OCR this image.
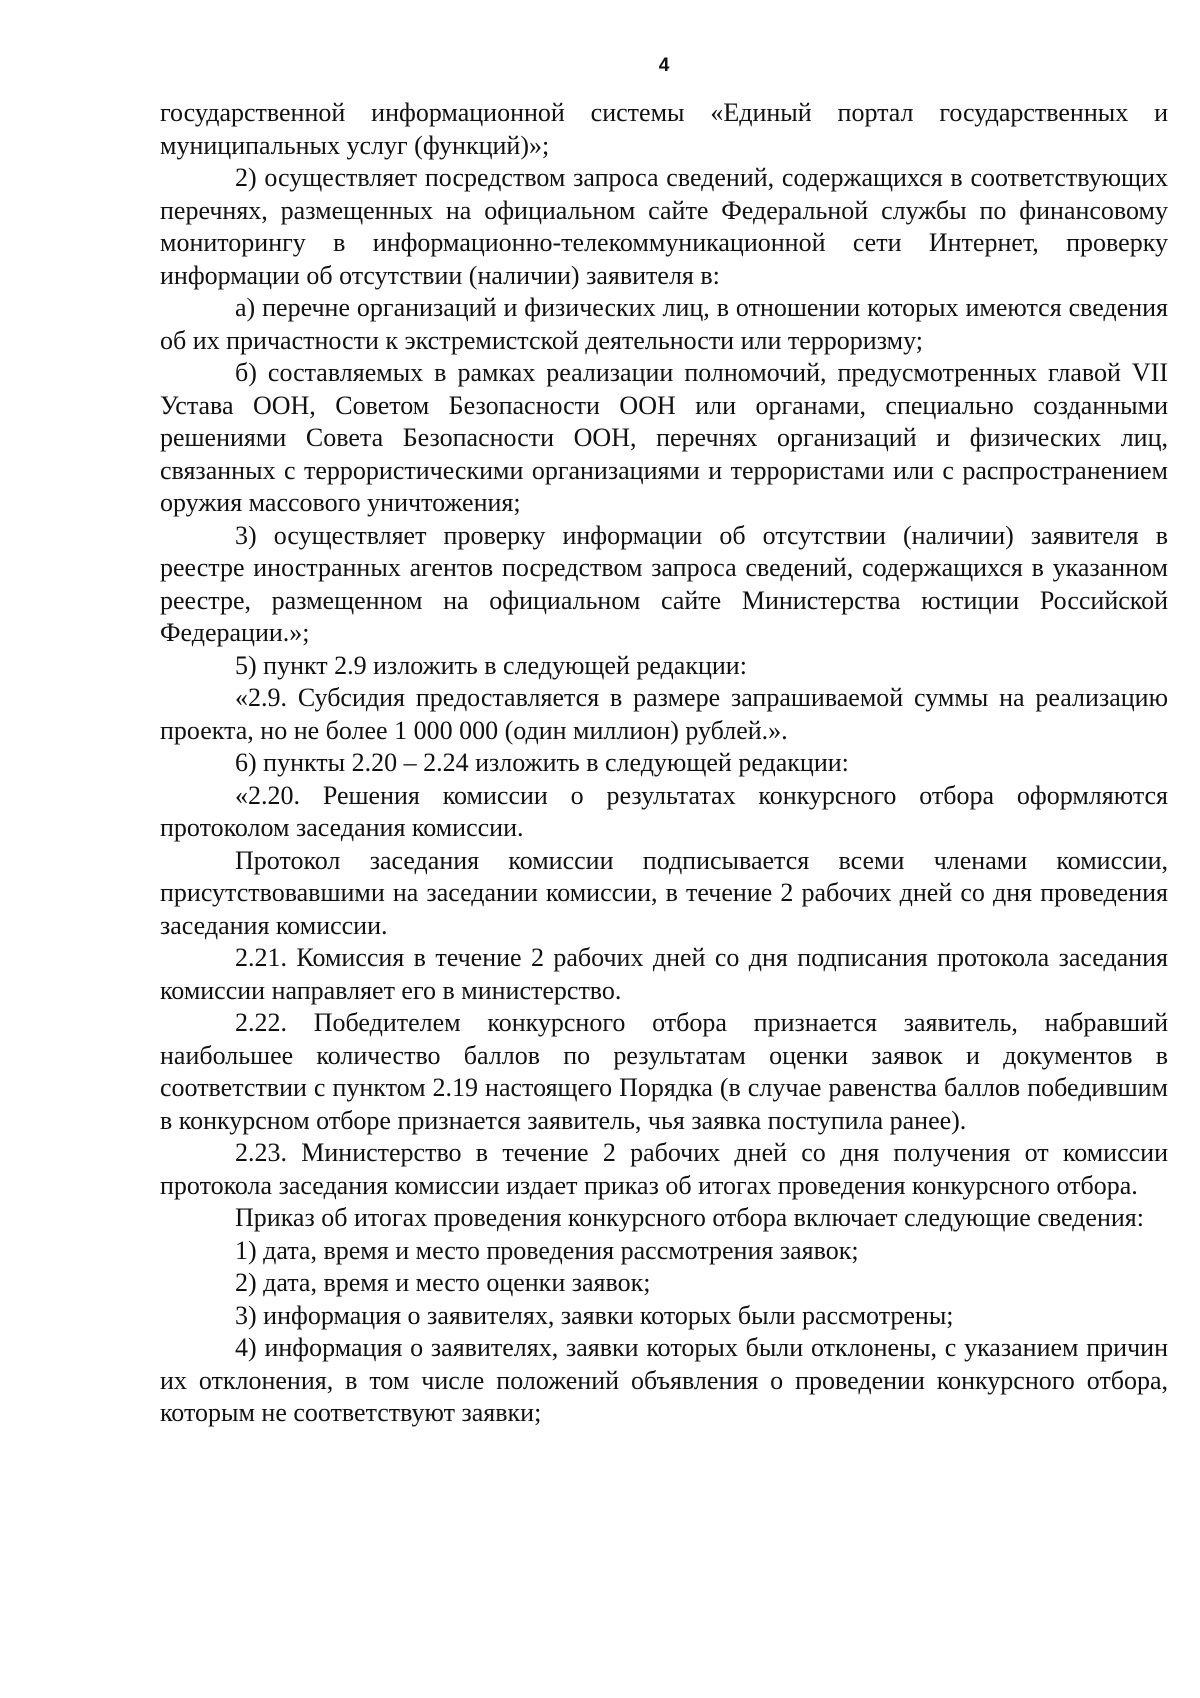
4

государственной информационной системы «Единый портал государственных и муниципальных услуг (функций)»;

2) осуществляет посредством запроса сведений, содержащихся в соответствующих перечнях, размещенных на официальном сайте Федеральной службы по финансовому мониторингу в информационно-телекоммуникационной сети Интернет, проверку информации об отсутствии (наличии) заявителя в:

а) перечне организаций и физических лиц, в отношении которых имеются сведения об их причастности к экстремистской деятельности или терроризму;

б) составляемых в рамках реализации полномочий, предусмотренных главой VII Устава ООН, Советом Безопасности ООН или органами, специально созданными решениями Совета Безопасности ООН, перечнях организаций и физических лиц, связанных с террористическими организациями и террористами или с распространением оружия массового уничтожения;

3) осуществляет проверку информации об отсутствии (наличии) заявителя в реестре иностранных агентов посредством запроса сведений, содержащихся в указанном реестре, размещенном на официальном сайте Министерства юстиции Российской Федерации.»;

5) пункт 2.9 изложить в следующей редакции:

«2.9. Субсидия предоставляется в размере запрашиваемой суммы на реализацию проекта, но не более 1 000 000 (один миллион) рублей.».

6) пункты 2.20 – 2.24 изложить в следующей редакции:

«2.20. Решения комиссии о результатах конкурсного отбора оформляются протоколом заседания комиссии.

Протокол заседания комиссии подписывается всеми членами комиссии, присутствовавшими на заседании комиссии, в течение 2 рабочих дней со дня проведения заседания комиссии.

2.21. Комиссия в течение 2 рабочих дней со дня подписания протокола заседания комиссии направляет его в министерство.

2.22. Победителем конкурсного отбора признается заявитель, набравший наибольшее количество баллов по результатам оценки заявок и документов в соответствии с пунктом 2.19 настоящего Порядка (в случае равенства баллов победившим в конкурсном отборе признается заявитель, чья заявка поступила ранее).

2.23. Министерство в течение 2 рабочих дней со дня получения от комиссии протокола заседания комиссии издает приказ об итогах проведения конкурсного отбора.

Приказ об итогах проведения конкурсного отбора включает следующие сведения:

1) дата, время и место проведения рассмотрения заявок;

2) дата, время и место оценки заявок;

3) информация о заявителях, заявки которых были рассмотрены;

4) информация о заявителях, заявки которых были отклонены, с указанием причин их отклонения, в том числе положений объявления о проведении конкурсного отбора, которым не соответствуют заявки;
